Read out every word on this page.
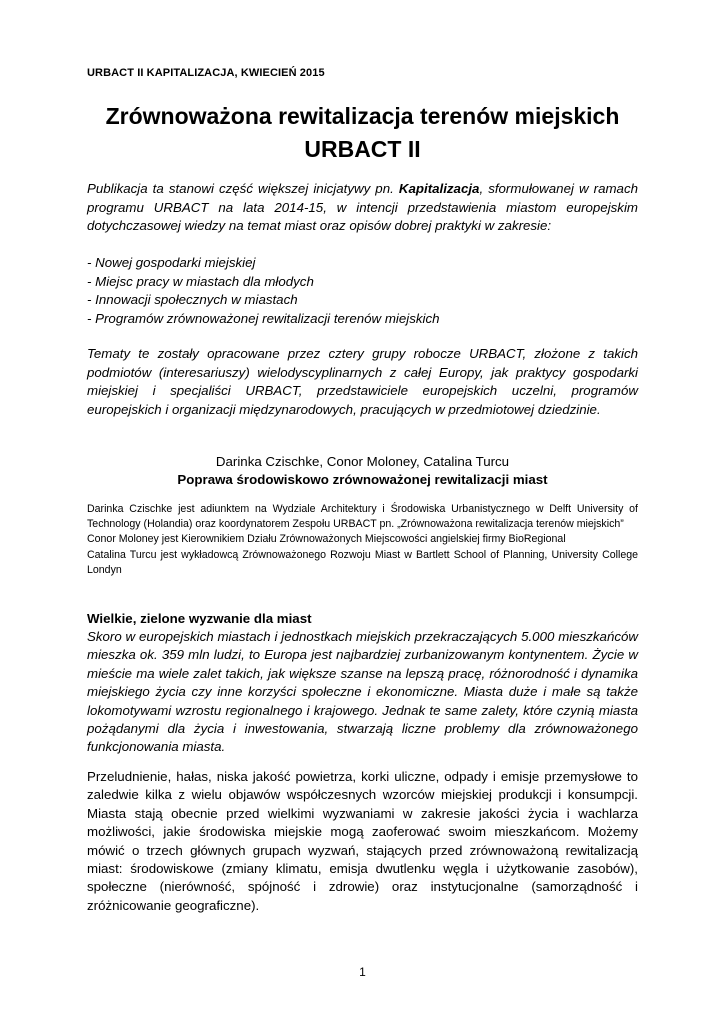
URBACT II KAPITALIZACJA, KWIECIEŃ 2015
Zrównoważona rewitalizacja terenów miejskich
URBACT II

Publikacja ta stanowi część większej inicjatywy pn. Kapitalizacja, sformułowanej w ramach programu URBACT na lata 2014-15, w intencji przedstawienia miastom europejskim dotychczasowej wiedzy na temat miast oraz opisów dobrej praktyki w zakresie:

- Nowej gospodarki miejskiej
- Miejsc pracy w miastach dla młodych
- Innowacji społecznych w miastach
- Programów zrównoważonej rewitalizacji terenów miejskich

Tematy te zostały opracowane przez cztery grupy robocze URBACT, złożone z takich podmiotów (interesariuszy) wielodyscyplinarnych z całej Europy, jak praktycy gospodarki miejskiej i specjaliści URBACT, przedstawiciele europejskich uczelni, programów europejskich i organizacji międzynarodowych, pracujących w przedmiotowej dziedzinie.

Darinka Czischke, Conor Moloney, Catalina Turcu
Poprawa środowiskowo zrównoważonej rewitalizacji miast

Darinka Czischke jest adiunktem na Wydziale Architektury i Środowiska Urbanistycznego w Delft University of Technology (Holandia) oraz koordynatorem Zespołu URBACT pn. „Zrównoważona rewitalizacja terenów miejskich”

Conor Moloney jest Kierownikiem Działu Zrównoważonych Miejscowości angielskiej firmy BioRegional

Catalina Turcu jest wykładowcą Zrównoważonego Rozwoju Miast w Bartlett School of Planning, University College Londyn

Wielkie, zielone wyzwanie dla miast

Skoro w europejskich miastach i jednostkach miejskich przekraczających 5.000 mieszkańców mieszka ok. 359 mln ludzi, to Europa jest najbardziej zurbanizowanym kontynentem. Życie w mieście ma wiele zalet takich, jak większe szanse na lepszą pracę, różnorodność i dynamika miejskiego życia czy inne korzyści społeczne i ekonomiczne. Miasta duże i małe są także lokomotywami wzrostu regionalnego i krajowego. Jednak te same zalety, które czynią miasta pożądanymi dla życia i inwestowania, stwarzają liczne problemy dla zrównoważonego funkcjonowania miasta.

Przeludnienie, hałas, niska jakość powietrza, korki uliczne, odpady i emisje przemysłowe to zaledwie kilka z wielu objawów współczesnych wzorców miejskiej produkcji i konsumpcji. Miasta stają obecnie przed wielkimi wyzwaniami w zakresie jakości życia i wachlarza możliwości, jakie środowiska miejskie mogą zaoferować swoim mieszkańcom. Możemy mówić o trzech głównych grupach wyzwań, stających przed zrównoważoną rewitalizacją miast: środowiskowe (zmiany klimatu, emisja dwutlenku węgla i użytkowanie zasobów), społeczne (nierówność, spójność i zdrowie) oraz instytucjonalne (samorządność i zróżnicowanie geograficzne).

1
